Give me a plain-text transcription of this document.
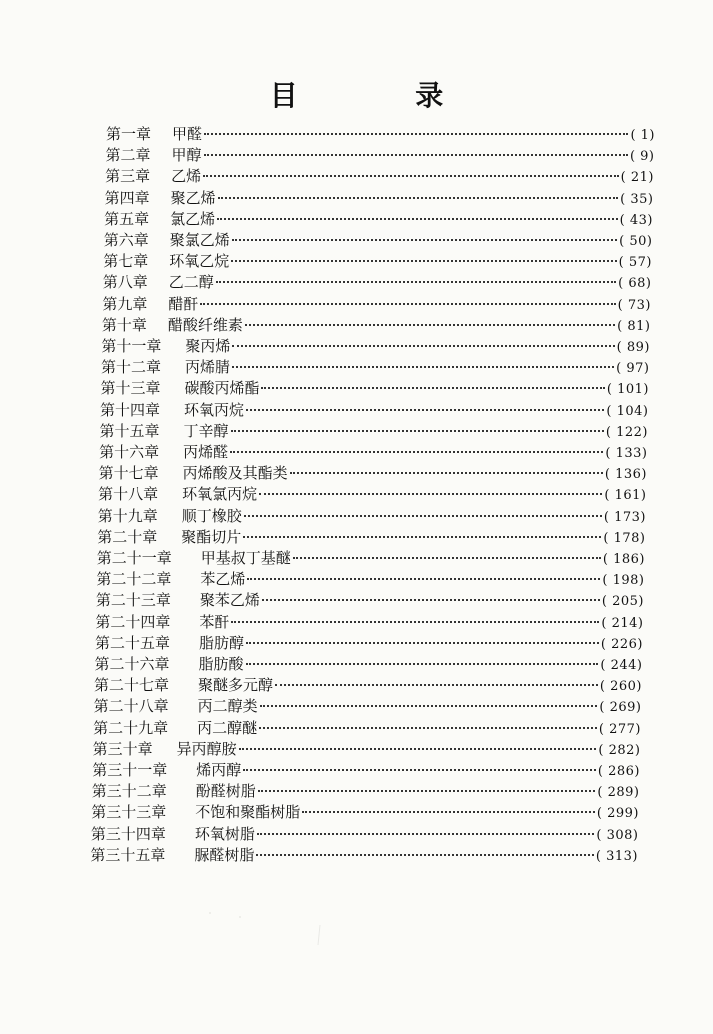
目　录
第一章	甲醛	( 1)
第二章	甲醇	( 9)
第三章	乙烯	( 21)
第四章	聚乙烯	( 35)
第五章	氯乙烯	( 43)
第六章	聚氯乙烯	( 50)
第七章	环氧乙烷	( 57)
第八章	乙二醇	( 68)
第九章	醋酐	( 73)
第十章	醋酸纤维素	( 81)
第十一章	聚丙烯	( 89)
第十二章	丙烯腈	( 97)
第十三章	碳酸丙烯酯	( 101)
第十四章	环氧丙烷	( 104)
第十五章	丁辛醇	( 122)
第十六章	丙烯醛	( 133)
第十七章	丙烯酸及其酯类	( 136)
第十八章	环氧氯丙烷	( 161)
第十九章	顺丁橡胶	( 173)
第二十章	聚酯切片	( 178)
第二十一章	甲基叔丁基醚	( 186)
第二十二章	苯乙烯	( 198)
第二十三章	聚苯乙烯	( 205)
第二十四章	苯酐	( 214)
第二十五章	脂肪醇	( 226)
第二十六章	脂肪酸	( 244)
第二十七章	聚醚多元醇	( 260)
第二十八章	丙二醇类	( 269)
第二十九章	丙二醇醚	( 277)
第三十章	异丙醇胺	( 282)
第三十一章	烯丙醇	( 286)
第三十二章	酚醛树脂	( 289)
第三十三章	不饱和聚酯树脂	( 299)
第三十四章	环氧树脂	( 308)
第三十五章	脲醛树脂	( 313)
